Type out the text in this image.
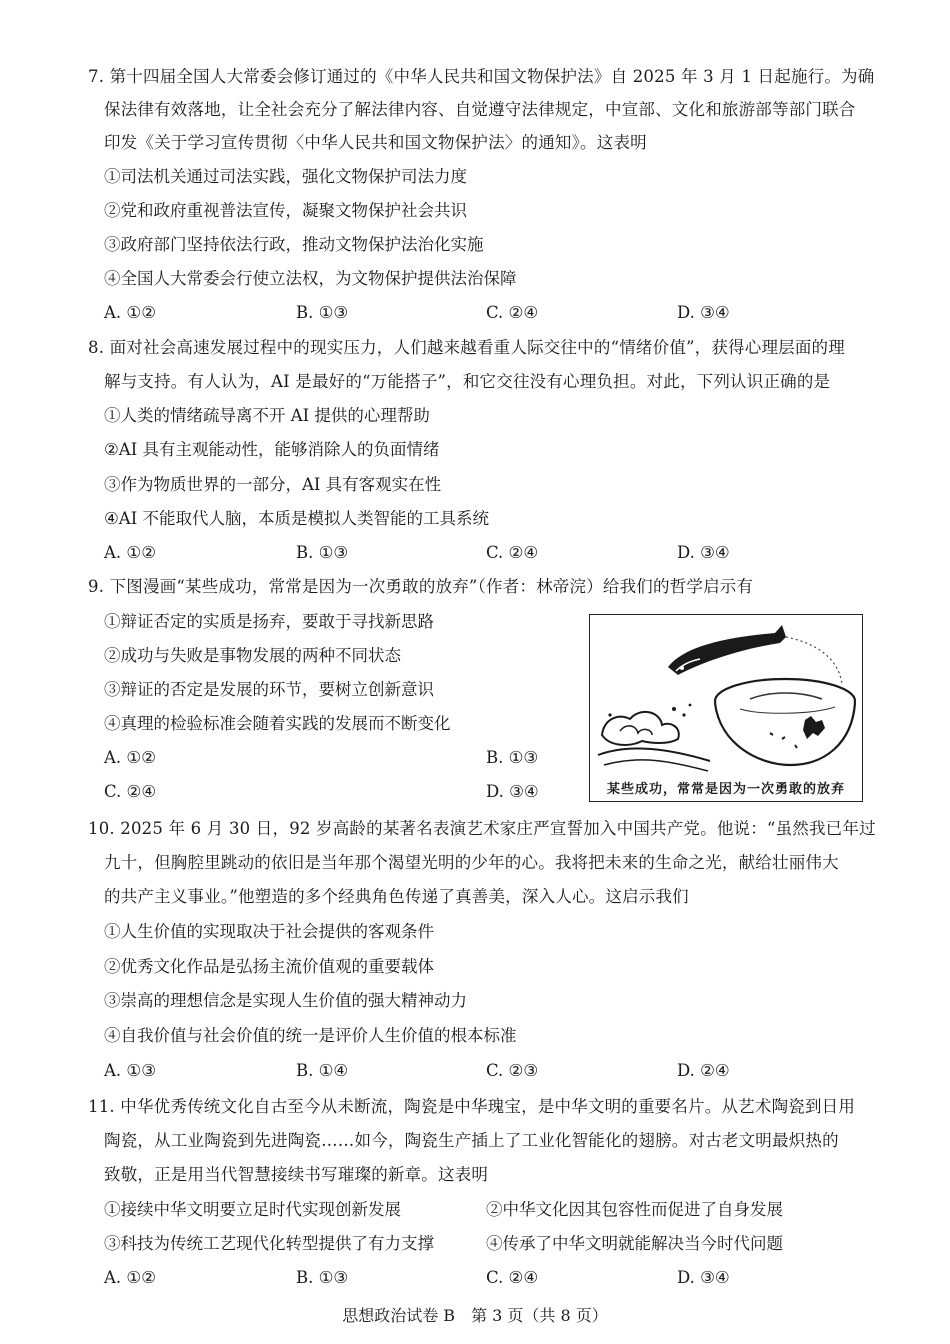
7. 第十四届全国人大常委会修订通过的《中华人民共和国文物保护法》自 2025 年 3 月 1 日起施行。为确
保法律有效落地，让全社会充分了解法律内容、自觉遵守法律规定，中宣部、文化和旅游部等部门联合
印发《关于学习宣传贯彻〈中华人民共和国文物保护法〉的通知》。这表明
①司法机关通过司法实践，强化文物保护司法力度
②党和政府重视普法宣传，凝聚文物保护社会共识
③政府部门坚持依法行政，推动文物保护法治化实施
④全国人大常委会行使立法权，为文物保护提供法治保障
A. ①②	B. ①③	C. ②④	D. ③④
8. 面对社会高速发展过程中的现实压力，人们越来越看重人际交往中的“情绪价值”，获得心理层面的理
解与支持。有人认为，AI 是最好的“万能搭子”，和它交往没有心理负担。对此，下列认识正确的是
①人类的情绪疏导离不开 AI 提供的心理帮助
②AI 具有主观能动性，能够消除人的负面情绪
③作为物质世界的一部分，AI 具有客观实在性
④AI 不能取代人脑，本质是模拟人类智能的工具系统
A. ①②	B. ①③	C. ②④	D. ③④
9. 下图漫画“某些成功，常常是因为一次勇敢的放弃”（作者：林帝浣）给我们的哲学启示有
①辩证否定的实质是扬弃，要敢于寻找新思路
②成功与失败是事物发展的两种不同状态
③辩证的否定是发展的环节，要树立创新意识
④真理的检验标准会随着实践的发展而不断变化
A. ①②	B. ①③
C. ②④	D. ③④	某些成功，常常是因为一次勇敢的放弃
10. 2025 年 6 月 30 日，92 岁高龄的某著名表演艺术家庄严宣誓加入中国共产党。他说：“虽然我已年过
九十，但胸腔里跳动的依旧是当年那个渴望光明的少年的心。我将把未来的生命之光，献给壮丽伟大
的共产主义事业。”他塑造的多个经典角色传递了真善美，深入人心。这启示我们
①人生价值的实现取决于社会提供的客观条件
②优秀文化作品是弘扬主流价值观的重要载体
③崇高的理想信念是实现人生价值的强大精神动力
④自我价值与社会价值的统一是评价人生价值的根本标准
A. ①③	B. ①④	C. ②③	D. ②④
11. 中华优秀传统文化自古至今从未断流，陶瓷是中华瑰宝，是中华文明的重要名片。从艺术陶瓷到日用
陶瓷，从工业陶瓷到先进陶瓷……如今，陶瓷生产插上了工业化智能化的翅膀。对古老文明最炽热的
致敬，正是用当代智慧接续书写璀璨的新章。这表明
①接续中华文明要立足时代实现创新发展	②中华文化因其包容性而促进了自身发展
③科技为传统工艺现代化转型提供了有力支撑	④传承了中华文明就能解决当今时代问题
A. ①②	B. ①③	C. ②④	D. ③④
思想政治试卷 B　第 3 页（共 8 页）
